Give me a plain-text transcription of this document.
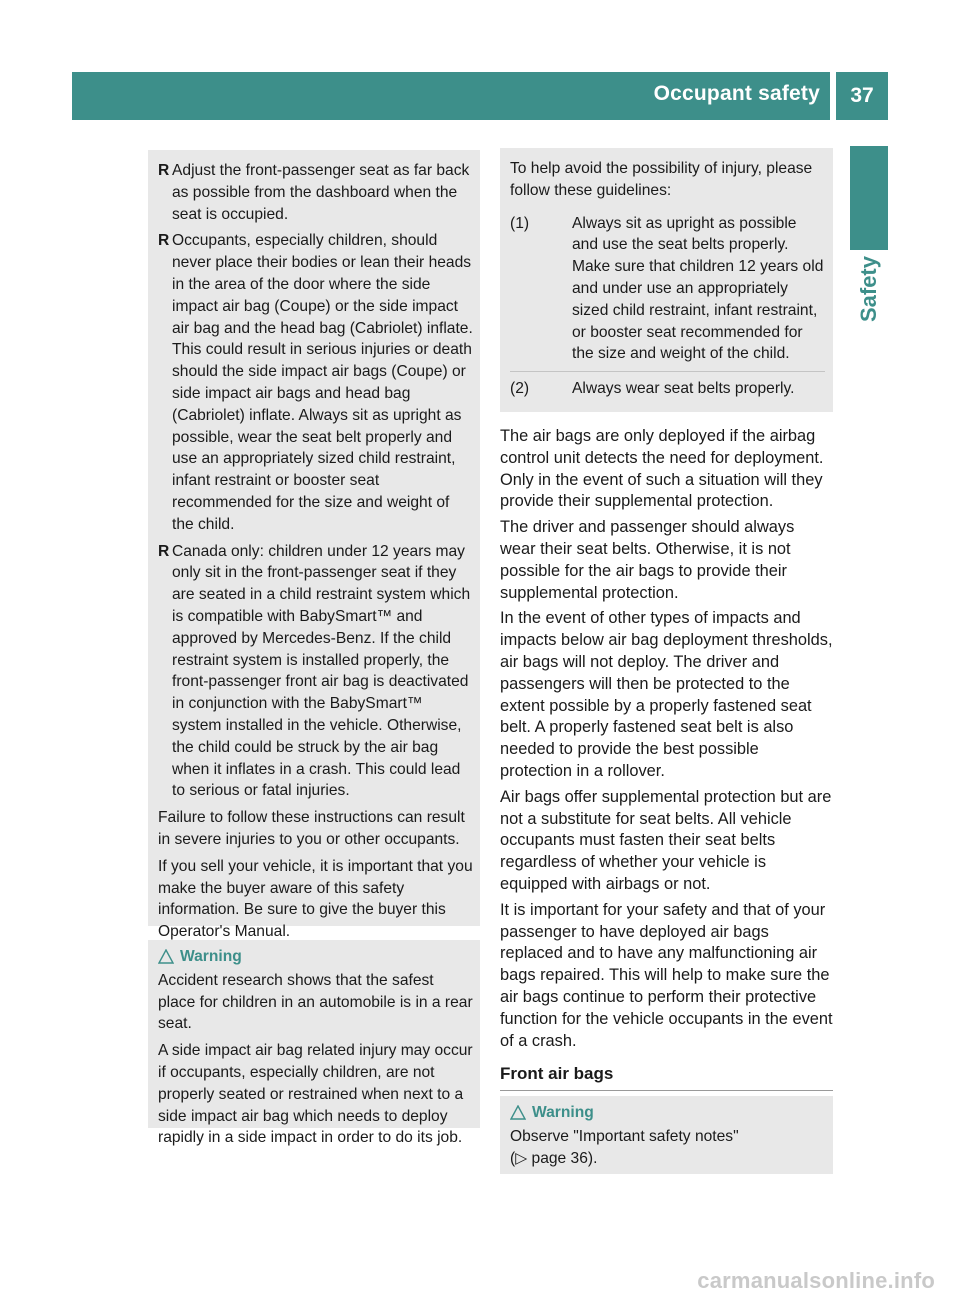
Occupant safety	37
Safety

R Adjust the front-passenger seat as far back as possible from the dashboard when the seat is occupied.

R Occupants, especially children, should never place their bodies or lean their heads in the area of the door where the side impact air bag (Coupe) or the side impact air bag and the head bag (Cabriolet) inflate. This could result in serious injuries or death should the side impact air bags (Coupe) or side impact air bags and head bag (Cabriolet) inflate. Always sit as upright as possible, wear the seat belt properly and use an appropriately sized child restraint, infant restraint or booster seat recommended for the size and weight of the child.

R Canada only: children under 12 years may only sit in the front-passenger seat if they are seated in a child restraint system which is compatible with BabySmart™ and approved by Mercedes-Benz. If the child restraint system is installed properly, the front-passenger front air bag is deactivated in conjunction with the BabySmart™ system installed in the vehicle. Otherwise, the child could be struck by the air bag when it inflates in a crash. This could lead to serious or fatal injuries.

Failure to follow these instructions can result in severe injuries to you or other occupants.

If you sell your vehicle, it is important that you make the buyer aware of this safety information. Be sure to give the buyer this Operator's Manual.

Warning

Accident research shows that the safest place for children in an automobile is in a rear seat.

A side impact air bag related injury may occur if occupants, especially children, are not properly seated or restrained when next to a side impact air bag which needs to deploy rapidly in a side impact in order to do its job.

To help avoid the possibility of injury, please follow these guidelines:

(1)	Always sit as upright as possible and use the seat belts properly. Make sure that children 12 years old and under use an appropriately sized child restraint, infant restraint, or booster seat recommended for the size and weight of the child.
(2)	Always wear seat belts properly.

The air bags are only deployed if the airbag control unit detects the need for deployment. Only in the event of such a situation will they provide their supplemental protection.

The driver and passenger should always wear their seat belts. Otherwise, it is not possible for the air bags to provide their supplemental protection.

In the event of other types of impacts and impacts below air bag deployment thresholds, air bags will not deploy. The driver and passengers will then be protected to the extent possible by a properly fastened seat belt. A properly fastened seat belt is also needed to provide the best possible protection in a rollover.

Air bags offer supplemental protection but are not a substitute for seat belts. All vehicle occupants must fasten their seat belts regardless of whether your vehicle is equipped with airbags or not.

It is important for your safety and that of your passenger to have deployed air bags replaced and to have any malfunctioning air bags repaired. This will help to make sure the air bags continue to perform their protective function for the vehicle occupants in the event of a crash.

Front air bags
Warning

Observe "Important safety notes"

(▷ page 36).

carmanualsonline.info
